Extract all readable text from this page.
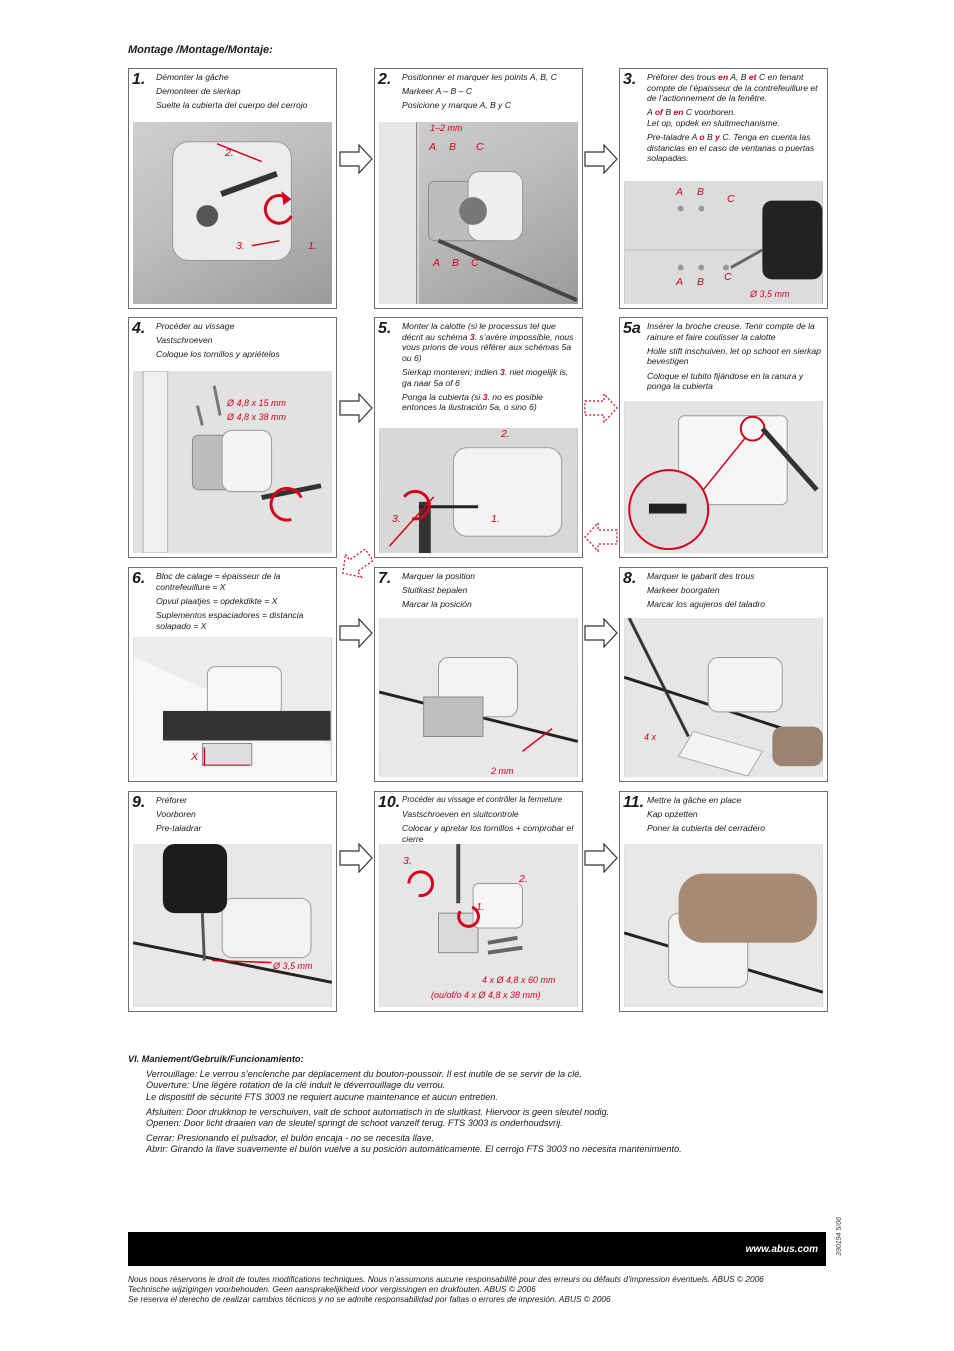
Montage /Montage/Montaje:
1. Démonter la gâche

Demonteer de sierkap

Suelte la cubierta del cuerpo del cerrojo

2.
3.	1.
2. Positionner et marquer les points A, B, C

Markeer A – B – C

Posicione y marque A, B y C

1–2 mm
A B C
A B C
3. Préforer des trous en A, B et C en tenant compte de l’épaisseur de la contrefeuillure et de l’actionnement de la fenêtre.

A of B en C voorboren.

Let op, opdek en sluitmechanisme.

Pre-taladre A o B y C. Tenga en cuenta las distancias en el caso de ventanas o puertas solapadas.

A B
C
A B C
Ø 3,5 mm
4. Procéder au vissage

Vastschroeven

Coloque los tornillos y apriételos

Ø 4,8 x 15 mm
Ø 4,8 x 38 mm
5. Monter la calotte (si le processus tel que décrit au schéma 3. s’avère impossible, nous vous prions de vous référer aux schémas 5a ou 6)

Sierkap monteren; indien 3. niet mogelijk is, ga naar 5a of 6

Ponga la cubierta (si 3. no es posible entonces la ilustración 5a, o sino 6)

2.
3.	1.
5a Insérer la broche creuse. Tenir compte de la rainure et faire coulisser la calotte

Holle stift inschuiven, let op schoot en sierkap bevestigen

Coloque el tubito fijándose en la ranura y ponga la cubierta

6. Bloc de calage = épaisseur de la contrefeuillure = X

Opvul plaatjes = opdekdikte = X

Suplementos espaciadores = distancia solapado = X

X
7. Marquer la position

Sluitkast bepalen

Marcar la posición

2 mm
8. Marquer le gabarit des trous

Markeer boorgaten

Marcar los agujeros del taladro

4 x
9. Préforer

Voorboren

Pre-taladrar

Ø 3,5 mm
10. Procéder au vissage et contrôler la fermeture

Vastschroeven en sluitcontrole

Colocar y apretar los tornillos + comprobar el cierre

3.
2.
1.
4 x Ø 4,8 x 60 mm
(ou/of/o 4 x Ø 4,8 x 38 mm)
11. Mettre la gâche en place

Kap opzetten

Poner la cubierta del cerradero

VI. Maniement/Gebruik/Funcionamiento:
Verrouillage: Le verrou s’enclenche par déplacement du bouton-poussoir. Il est inutile de se servir de la clé.
Ouverture: Une légère rotation de la clé induit le déverrouillage du verrou.
Le dispositif de sécurité FTS 3003 ne requiert aucune maintenance et aucun entretien.
Afsluiten: Door drukknop te verschuiven, valt de schoot automatisch in de sluitkast. Hiervoor is geen sleutel nodig.
Openen: Door licht draaien van de sleutel springt de schoot vanzelf terug. FTS 3003 is onderhoudsvrij.
Cerrar: Presionando el pulsador, el bulón encaja - no se necesita llave.
Abrir: Girando la llave suavemente el bulón vuelve a su posición automáticamente. El cerrojo FTS 3003 no necesita mantenimiento.
390194 5/06
www.abus.com
Nous nous réservons le droit de toutes modifications techniques. Nous n’assumons aucune responsabilité pour des erreurs ou défauts d’impression éventuels. ABUS © 2006
Technische wijzigingen voorbehouden. Geen aansprakelijkheid voor vergissingen en drukfouten. ABUS © 2006
Se reserva el derecho de realizar cambios técnicos y no se admite responsabilidad por faltas o errores de impresión. ABUS © 2006
